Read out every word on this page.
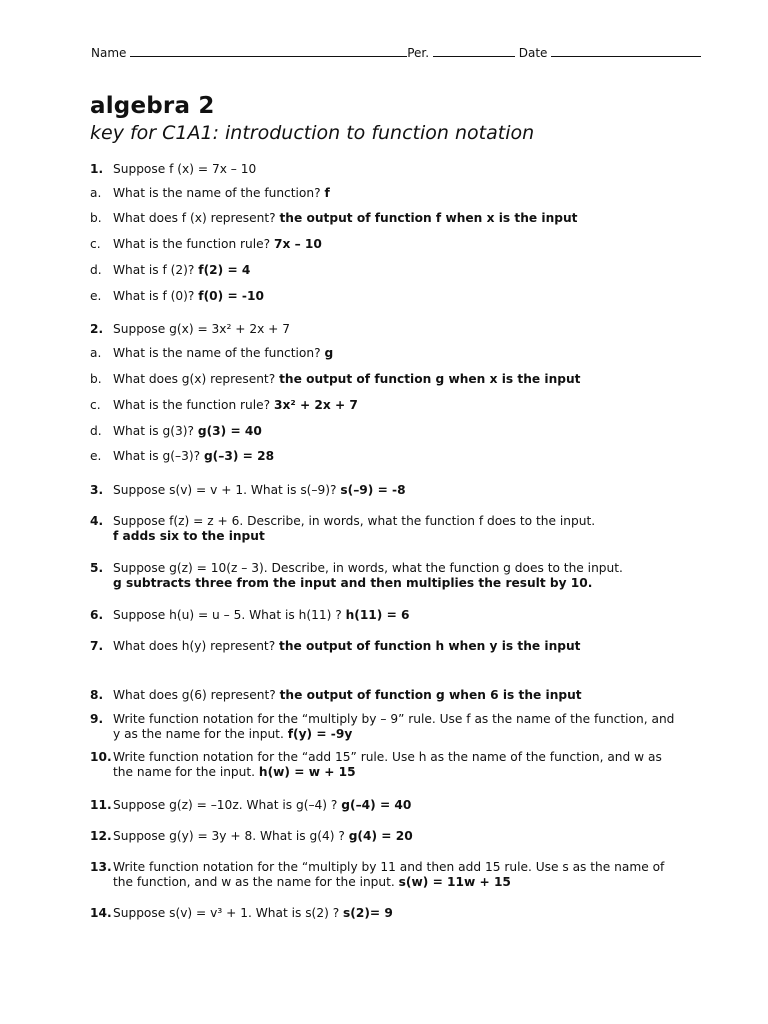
Name	Per.	Date
algebra 2
key for C1A1: introduction to function notation
1. Suppose f (x) = 7x – 10
a. What is the name of the function? f
b. What does f (x) represent? the output of function f when x is the input
c. What is the function rule? 7x – 10
d. What is f (2)? f(2) = 4
e. What is f (0)? f(0) = -10
2. Suppose g(x) = 3x² + 2x + 7
a. What is the name of the function? g
b. What does g(x) represent? the output of function g when x is the input
c. What is the function rule? 3x² + 2x + 7
d. What is g(3)? g(3) = 40
e. What is g(–3)? g(–3) = 28
3. Suppose s(v) = v + 1. What is s(–9)? s(–9) = -8
4. Suppose f(z) = z + 6. Describe, in words, what the function f does to the input.
f adds six to the input
5. Suppose g(z) = 10(z – 3). Describe, in words, what the function g does to the input.
g subtracts three from the input and then multiplies the result by 10.
6. Suppose h(u) = u – 5. What is h(11) ? h(11) = 6
7. What does h(y) represent? the output of function h when y is the input
8. What does g(6) represent? the output of function g when 6 is the input
9. Write function notation for the “multiply by – 9” rule. Use f as the name of the function, and y as the name for the input. f(y) = -9y
10. Write function notation for the “add 15” rule. Use h as the name of the function, and w as the name for the input. h(w) = w + 15
11. Suppose g(z) = –10z. What is g(–4) ? g(–4) = 40
12. Suppose g(y) = 3y + 8. What is g(4) ? g(4) = 20
13. Write function notation for the “multiply by 11 and then add 15 rule. Use s as the name of the function, and w as the name for the input. s(w) = 11w + 15
14. Suppose s(v) = v³ + 1. What is s(2) ? s(2)= 9
